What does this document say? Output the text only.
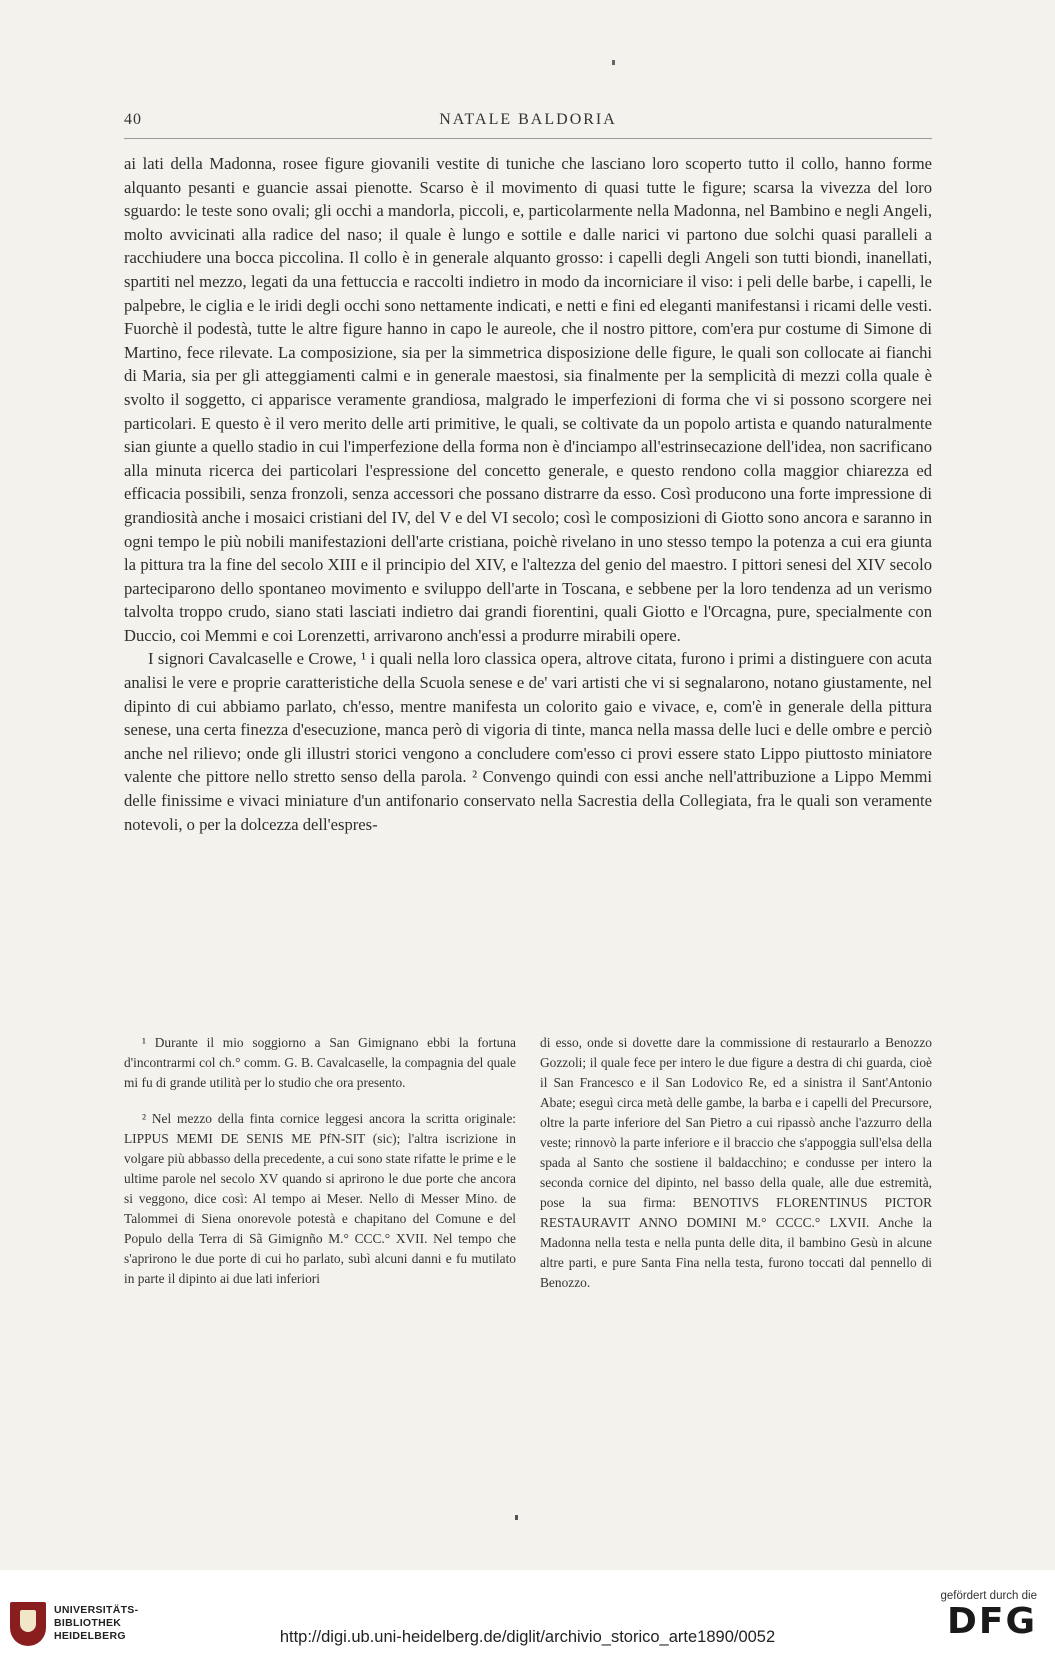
40	NATALE BALDORIA

ai lati della Madonna, rosee figure giovanili vestite di tuniche che lasciano loro scoperto tutto il collo, hanno forme alquanto pesanti e guancie assai pienotte. Scarso è il movimento di quasi tutte le figure; scarsa la vivezza del loro sguardo: le teste sono ovali; gli occhi a mandorla, piccoli, e, particolarmente nella Madonna, nel Bambino e negli Angeli, molto avvicinati alla radice del naso; il quale è lungo e sottile e dalle narici vi partono due solchi quasi paralleli a racchiudere una bocca piccolina. Il collo è in generale alquanto grosso: i capelli degli Angeli son tutti biondi, inanellati, spartiti nel mezzo, legati da una fettuccia e raccolti indietro in modo da incorniciare il viso: i peli delle barbe, i capelli, le palpebre, le ciglia e le iridi degli occhi sono nettamente indicati, e netti e fini ed eleganti manifestansi i ricami delle vesti. Fuorchè il podestà, tutte le altre figure hanno in capo le aureole, che il nostro pittore, com'era pur costume di Simone di Martino, fece rilevate. La composizione, sia per la simmetrica disposizione delle figure, le quali son collocate ai fianchi di Maria, sia per gli atteggiamenti calmi e in generale maestosi, sia finalmente per la semplicità di mezzi colla quale è svolto il soggetto, ci apparisce veramente grandiosa, malgrado le imperfezioni di forma che vi si possono scorgere nei particolari. E questo è il vero merito delle arti primitive, le quali, se coltivate da un popolo artista e quando naturalmente sian giunte a quello stadio in cui l'imperfezione della forma non è d'inciampo all'estrinsecazione dell'idea, non sacrificano alla minuta ricerca dei particolari l'espressione del concetto generale, e questo rendono colla maggior chiarezza ed efficacia possibili, senza fronzoli, senza accessori che possano distrarre da esso. Così producono una forte impressione di grandiosità anche i mosaici cristiani del IV, del V e del VI secolo; così le composizioni di Giotto sono ancora e saranno in ogni tempo le più nobili manifestazioni dell'arte cristiana, poichè rivelano in uno stesso tempo la potenza a cui era giunta la pittura tra la fine del secolo XIII e il principio del XIV, e l'altezza del genio del maestro. I pittori senesi del XIV secolo parteciparono dello spontaneo movimento e sviluppo dell'arte in Toscana, e sebbene per la loro tendenza ad un verismo talvolta troppo crudo, siano stati lasciati indietro dai grandi fiorentini, quali Giotto e l'Orcagna, pure, specialmente con Duccio, coi Memmi e coi Lorenzetti, arrivarono anch'essi a produrre mirabili opere.

I signori Cavalcaselle e Crowe, ¹ i quali nella loro classica opera, altrove citata, furono i primi a distinguere con acuta analisi le vere e proprie caratteristiche della Scuola senese e de' vari artisti che vi si segnalarono, notano giustamente, nel dipinto di cui abbiamo parlato, ch'esso, mentre manifesta un colorito gaio e vivace, e, com'è in generale della pittura senese, una certa finezza d'esecuzione, manca però di vigoria di tinte, manca nella massa delle luci e delle ombre e perciò anche nel rilievo; onde gli illustri storici vengono a concludere com'esso ci provi essere stato Lippo piuttosto miniatore valente che pittore nello stretto senso della parola. ² Convengo quindi con essi anche nell'attribuzione a Lippo Memmi delle finissime e vivaci miniature d'un antifonario conservato nella Sacrestia della Collegiata, fra le quali son veramente notevoli, o per la dolcezza dell'espres-

¹ Durante il mio soggiorno a San Gimignano ebbi la fortuna d'incontrarmi col ch.° comm. G. B. Cavalcaselle, la compagnia del quale mi fu di grande utilità per lo studio che ora presento.

² Nel mezzo della finta cornice leggesi ancora la scritta originale: LIPPUS MEMI DE SENIS ME PfN-SIT (sic); l'altra iscrizione in volgare più abbasso della precedente, a cui sono state rifatte le prime e le ultime parole nel secolo XV quando si aprirono le due porte che ancora si veggono, dice così: Al tempo ai Meser. Nello di Messer Mino. de Talommei di Siena onorevole potestà e chapitano del Comune e del Populo della Terra di Sã Gimignño M.° CCC.° XVII. Nel tempo che s'aprirono le due porte di cui ho parlato, subì alcuni danni e fu mutilato in parte il dipinto ai due lati inferiori

di esso, onde si dovette dare la commissione di restaurarlo a Benozzo Gozzoli; il quale fece per intero le due figure a destra di chi guarda, cioè il San Francesco e il San Lodovico Re, ed a sinistra il Sant'Antonio Abate; eseguì circa metà delle gambe, la barba e i capelli del Precursore, oltre la parte inferiore del San Pietro a cui ripassò anche l'azzurro della veste; rinnovò la parte inferiore e il braccio che s'appoggia sull'elsa della spada al Santo che sostiene il baldacchino; e condusse per intero la seconda cornice del dipinto, nel basso della quale, alle due estremità, pose la sua firma: BENOTIVS FLORENTINUS PICTOR RESTAURAVIT ANNO DOMINI M.° CCCC.° LXVII. Anche la Madonna nella testa e nella punta delle dita, il bambino Gesù in alcune altre parti, e pure Santa Fina nella testa, furono toccati dal pennello di Benozzo.

UNIVERSITÄTS-
BIBLIOTHEK
HEIDELBERG	http://digi.ub.uni-heidelberg.de/diglit/archivio_storico_arte1890/0052
gefördert durch die
DFG
